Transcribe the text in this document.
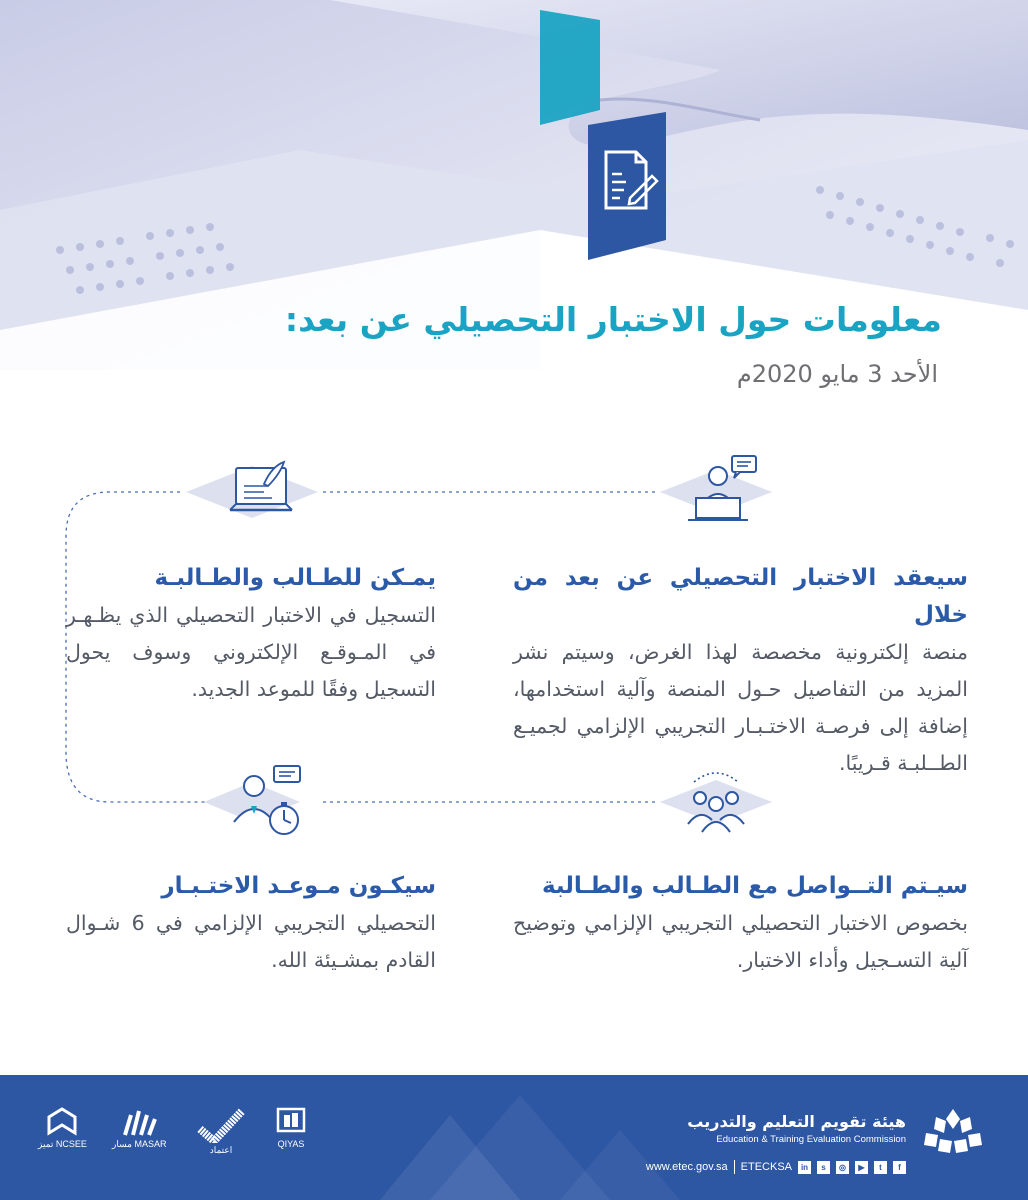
معلومات حول الاختبار التحصيلي عن بعد:

الأحد 3 مايو 2020م

سيعقد الاختبار التحصيلي عن بعد من خلال
منصة إلكترونية مخصصة لهذا الغرض، وسيتم نشر المزيد من التفاصيل حـول المنصة وآلية استخدامها، إضافة إلى فرصـة الاختـبـار التجريبي الإلزامي لجميـع الطــلبـة قـريبًا.
يمـكن للطـالب والطـالبـة
التسجيل في الاختبار التحصيلي الذي يظـهـر في المـوقـع الإلكتروني وسوف يحول التسجيل وفقًا للموعد الجديد.
سيـتم التــواصل مع الطـالب والطـالبة
بخصوص الاختبار التحصيلي التجريبي الإلزامي وتوضيح آلية التسـجيل وأداء الاختبار.
سيكـون مـوعـد الاختـبـار
التحصيلي التجريبي الإلزامي في 6 شـوال القادم بمشـيئة الله.
تميز NCSEE	مسار MASAR
اعتماد
QIYAS

هيئة تقويم التعليم والتدريب

Education & Training Evaluation Commission

www.etec.gov.sa ETECKSA	in	s	◎	▶	t	f
